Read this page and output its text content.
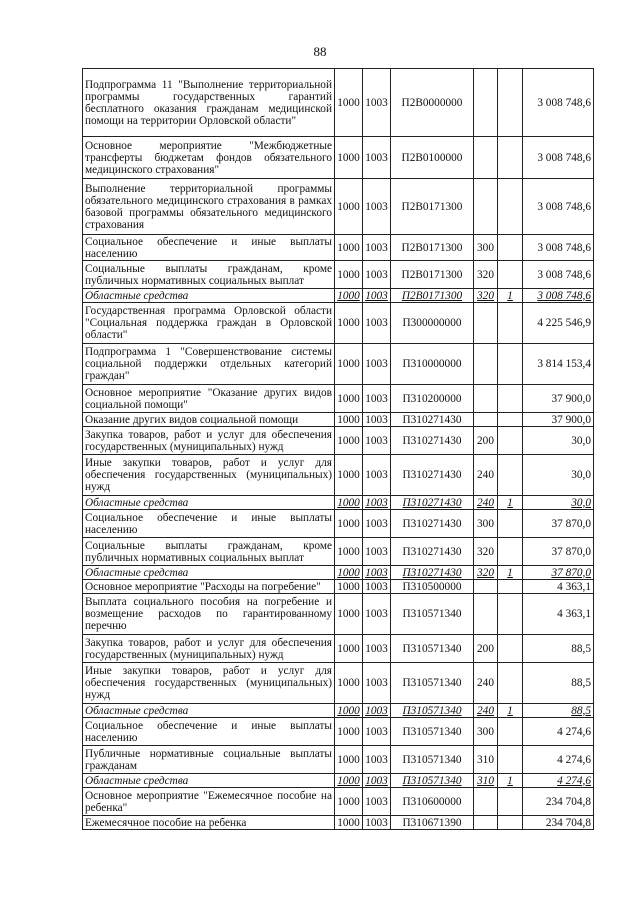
88
Подпрограмма 11 "Выполнение территориальной программы государственных гарантий бесплатного оказания гражданам медицинской помощи на территории Орловской области"	1000	1003	П2В0000000			3 008 748,6
Основное мероприятие "Межбюджетные трансферты бюджетам фондов обязательного медицинского страхования"	1000	1003	П2В0100000			3 008 748,6
Выполнение территориальной программы обязательного медицинского страхования в рамках базовой программы обязательного медицинского страхования	1000	1003	П2В0171300			3 008 748,6
Социальное обеспечение и иные выплаты населению	1000	1003	П2В0171300	300		3 008 748,6
Социальные выплаты гражданам, кроме публичных нормативных социальных выплат	1000	1003	П2В0171300	320		3 008 748,6
Областные средства	1000	1003	П2В0171300	320	1	3 008 748,6
Государственная программа Орловской области "Социальная поддержка граждан в Орловской области"	1000	1003	П300000000			4 225 546,9
Подпрограмма 1 "Совершенствование системы социальной поддержки отдельных категорий граждан"	1000	1003	П310000000			3 814 153,4
Основное мероприятие "Оказание других видов социальной помощи"	1000	1003	П310200000			37 900,0
Оказание других видов социальной помощи	1000	1003	П310271430			37 900,0
Закупка товаров, работ и услуг для обеспечения государственных (муниципальных) нужд	1000	1003	П310271430	200		30,0
Иные закупки товаров, работ и услуг для обеспечения государственных (муниципальных) нужд	1000	1003	П310271430	240		30,0
Областные средства	1000	1003	П310271430	240	1	30,0
Социальное обеспечение и иные выплаты населению	1000	1003	П310271430	300		37 870,0
Социальные выплаты гражданам, кроме публичных нормативных социальных выплат	1000	1003	П310271430	320		37 870,0
Областные средства	1000	1003	П310271430	320	1	37 870,0
Основное мероприятие "Расходы на погребение"	1000	1003	П310500000			4 363,1
Выплата социального пособия на погребение и возмещение расходов по гарантированному перечню	1000	1003	П310571340			4 363,1
Закупка товаров, работ и услуг для обеспечения государственных (муниципальных) нужд	1000	1003	П310571340	200		88,5
Иные закупки товаров, работ и услуг для обеспечения государственных (муниципальных) нужд	1000	1003	П310571340	240		88,5
Областные средства	1000	1003	П310571340	240	1	88,5
Социальное обеспечение и иные выплаты населению	1000	1003	П310571340	300		4 274,6
Публичные нормативные социальные выплаты гражданам	1000	1003	П310571340	310		4 274,6
Областные средства	1000	1003	П310571340	310	1	4 274,6
Основное мероприятие "Ежемесячное пособие на ребенка"	1000	1003	П310600000			234 704,8
Ежемесячное пособие на ребенка	1000	1003	П310671390			234 704,8
